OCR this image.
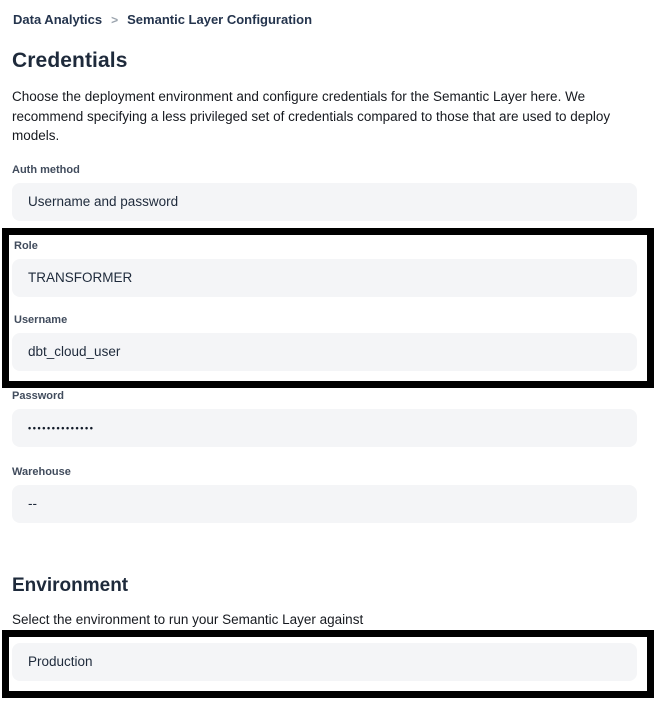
Data Analytics > Semantic Layer Configuration
Credentials

Choose the deployment environment and configure credentials for the Semantic Layer here. We recommend specifying a less privileged set of credentials compared to those that are used to deploy models.

Auth method
Username and password
Role
TRANSFORMER
Username
dbt_cloud_user
Password
••••••••••••••
Warehouse
--
Environment

Select the environment to run your Semantic Layer against

Production
